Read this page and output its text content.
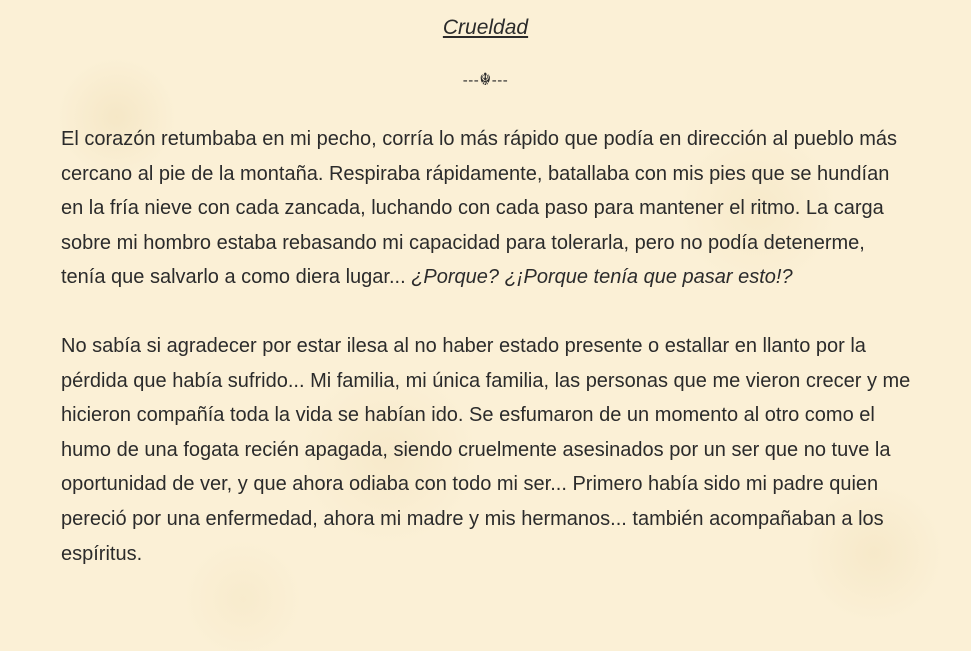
Crueldad
---☬---

El corazón retumbaba en mi pecho, corría lo más rápido que podía en dirección al pueblo más cercano al pie de la montaña. Respiraba rápidamente, batallaba con mis pies que se hundían en la fría nieve con cada zancada, luchando con cada paso para mantener el ritmo. La carga sobre mi hombro estaba rebasando mi capacidad para tolerarla, pero no podía detenerme, tenía que salvarlo a como diera lugar... ¿Porque? ¿¡Porque tenía que pasar esto!?

No sabía si agradecer por estar ilesa al no haber estado presente o estallar en llanto por la pérdida que había sufrido... Mi familia, mi única familia, las personas que me vieron crecer y me hicieron compañía toda la vida se habían ido. Se esfumaron de un momento al otro como el humo de una fogata recién apagada, siendo cruelmente asesinados por un ser que no tuve la oportunidad de ver, y que ahora odiaba con todo mi ser... Primero había sido mi padre quien pereció por una enfermedad, ahora mi madre y mis hermanos... también acompañaban a los espíritus.
